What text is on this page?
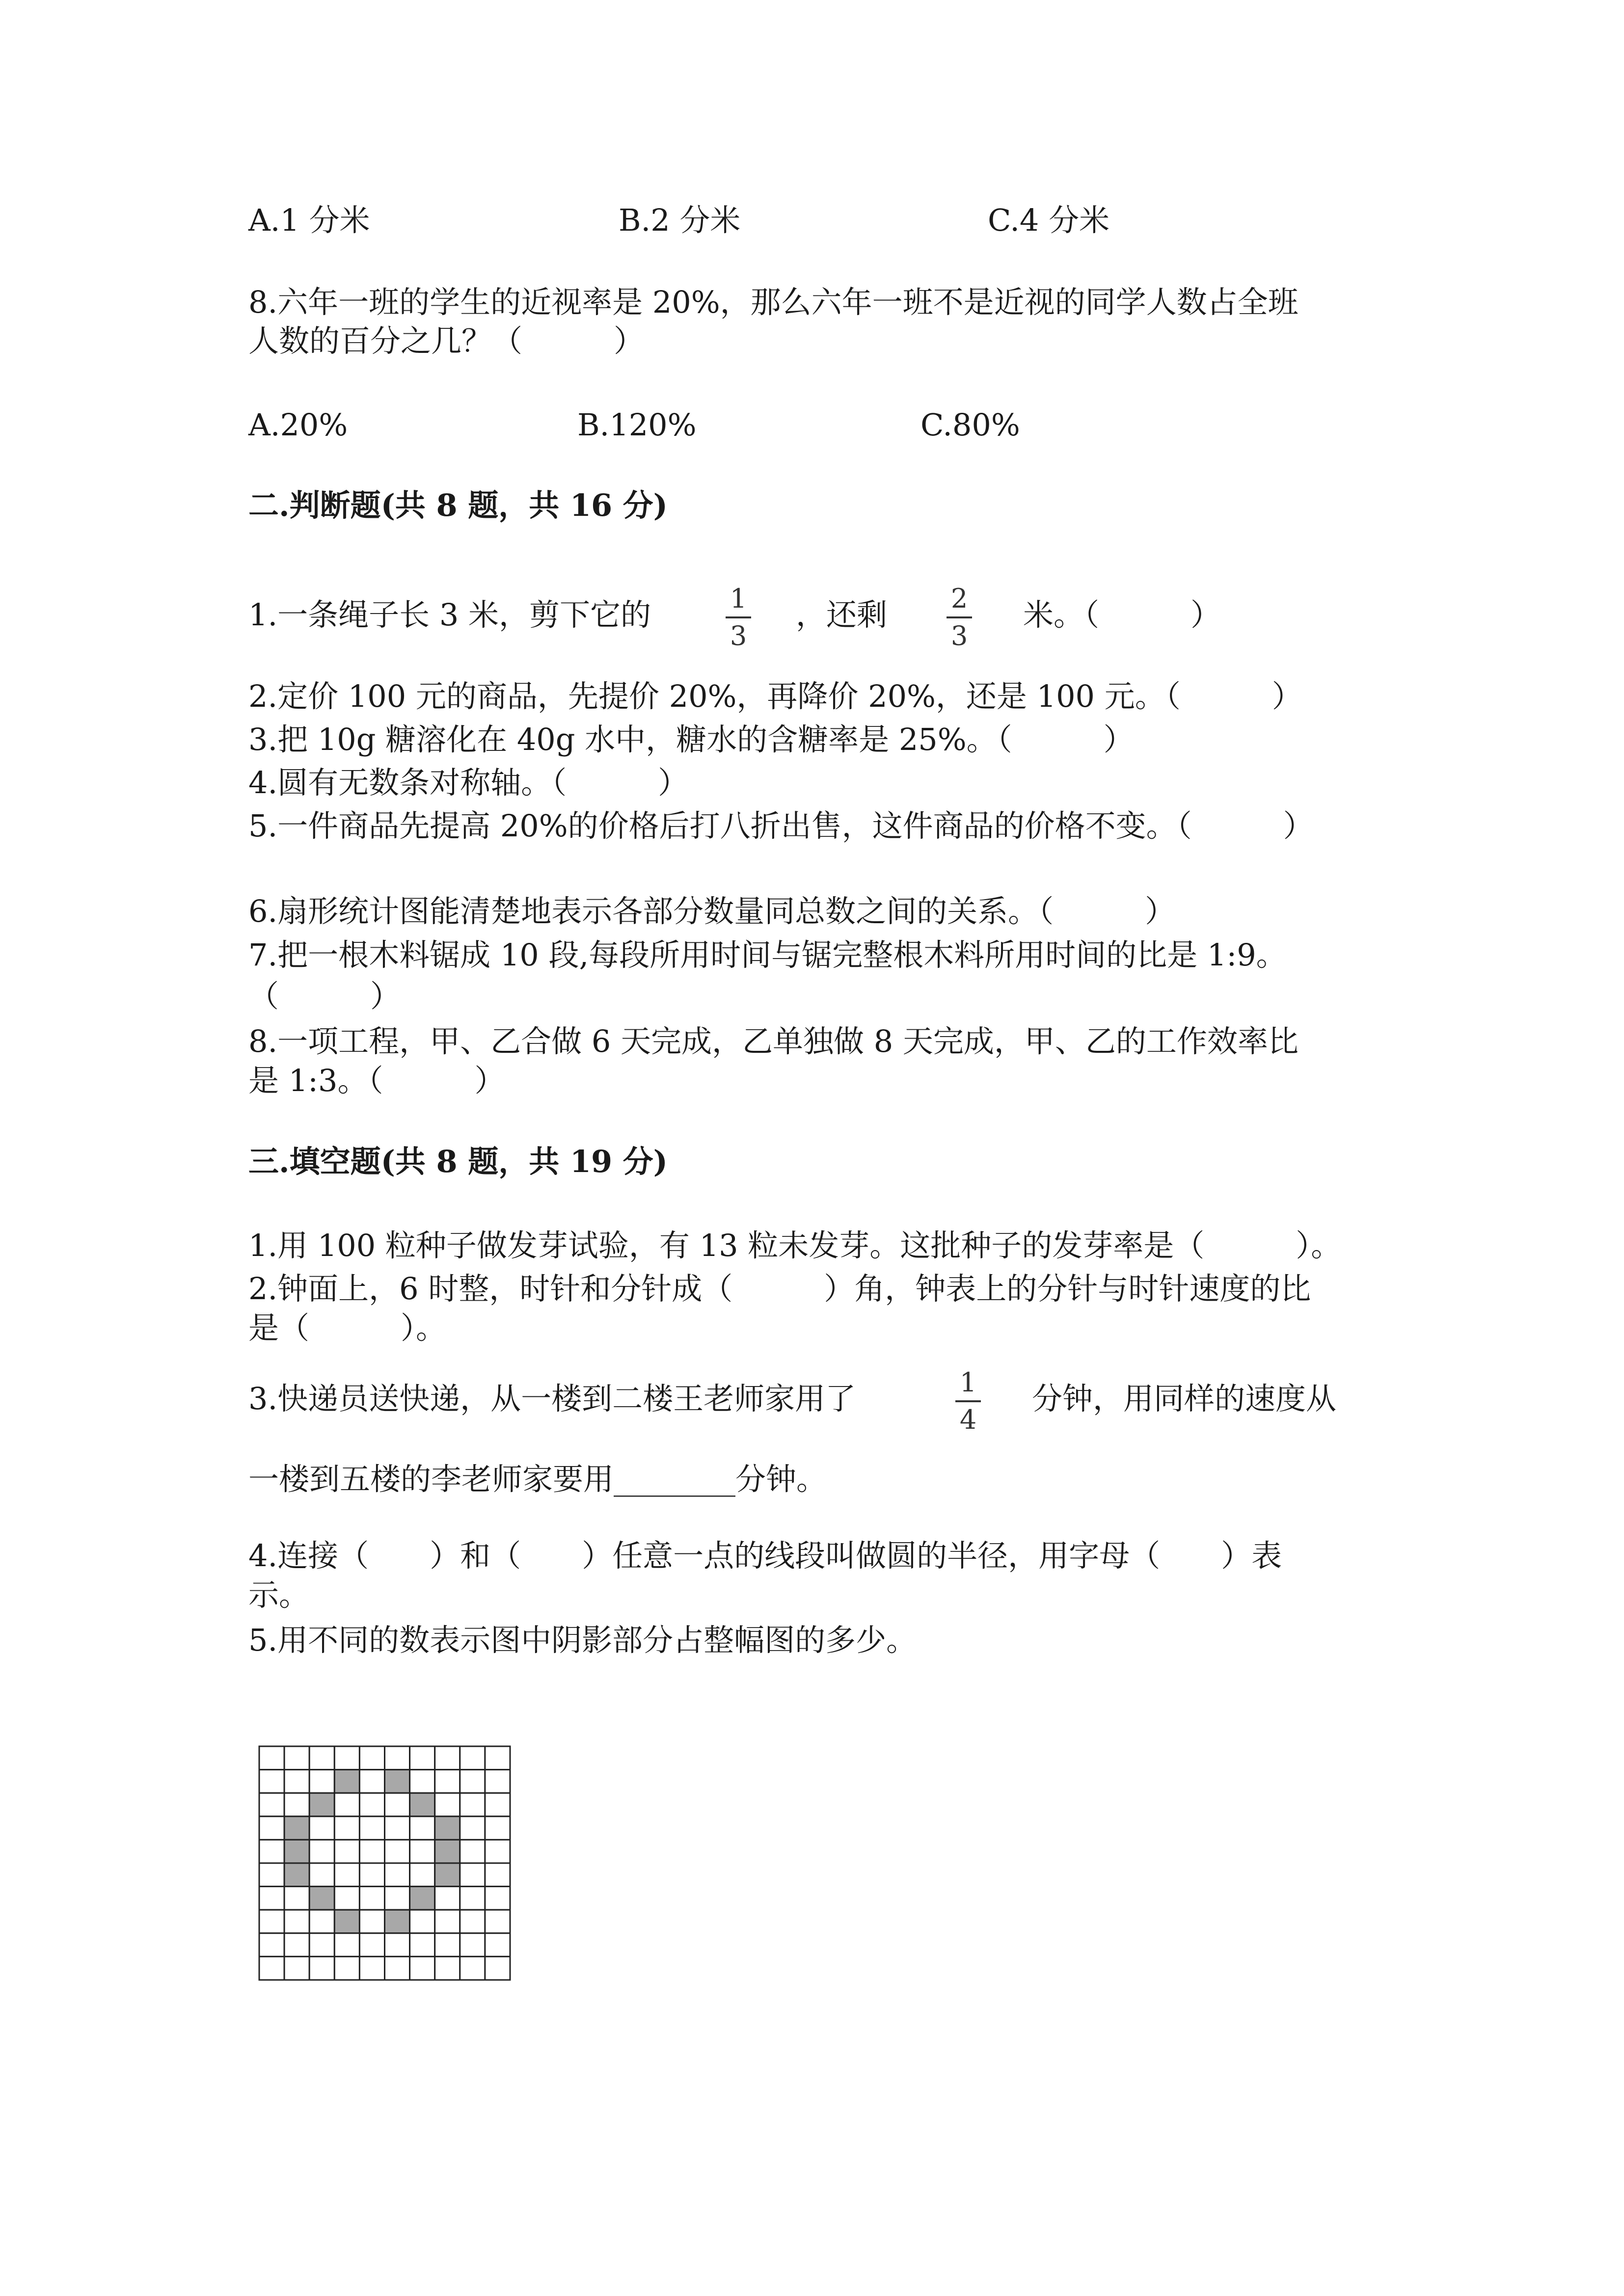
A.1 分米	B.2 分米	C.4 分米
8.六年一班的学生的近视率是 20%，那么六年一班不是近视的同学人数占全班
人数的百分之几？（　　　）
A.20%	B.120%	C.80%
二.判断题(共 8 题，共 16 分)
1.一条绳子长 3 米，剪下它的	1
3
，还剩 2
3
米。（　　　）
2.定价 100 元的商品，先提价 20%，再降价 20%，还是 100 元。（　　　）
3.把 10g 糖溶化在 40g 水中，糖水的含糖率是 25%。（　　　）
4.圆有无数条对称轴。（　　　）
5.一件商品先提高 20%的价格后打八折出售，这件商品的价格不变。（　　　）
6.扇形统计图能清楚地表示各部分数量同总数之间的关系。（　　　）
7.把一根木料锯成 10 段,每段所用时间与锯完整根木料所用时间的比是 1:9。
（　　　）
8.一项工程，甲、乙合做 6 天完成，乙单独做 8 天完成，甲、乙的工作效率比
是 1:3。（　　　）
三.填空题(共 8 题，共 19 分)
1.用 100 粒种子做发芽试验，有 13 粒未发芽。这批种子的发芽率是（　　　）。
2.钟面上，6 时整，时针和分针成（　　　）角，钟表上的分针与时针速度的比
是（　　　）。
3.快递员送快递，从一楼到二楼王老师家用了	1
4
分钟，用同样的速度从
一楼到五楼的李老师家要用________分钟。
4.连接（　　）和（　　）任意一点的线段叫做圆的半径，用字母（　　）表
示。
5.用不同的数表示图中阴影部分占整幅图的多少。
